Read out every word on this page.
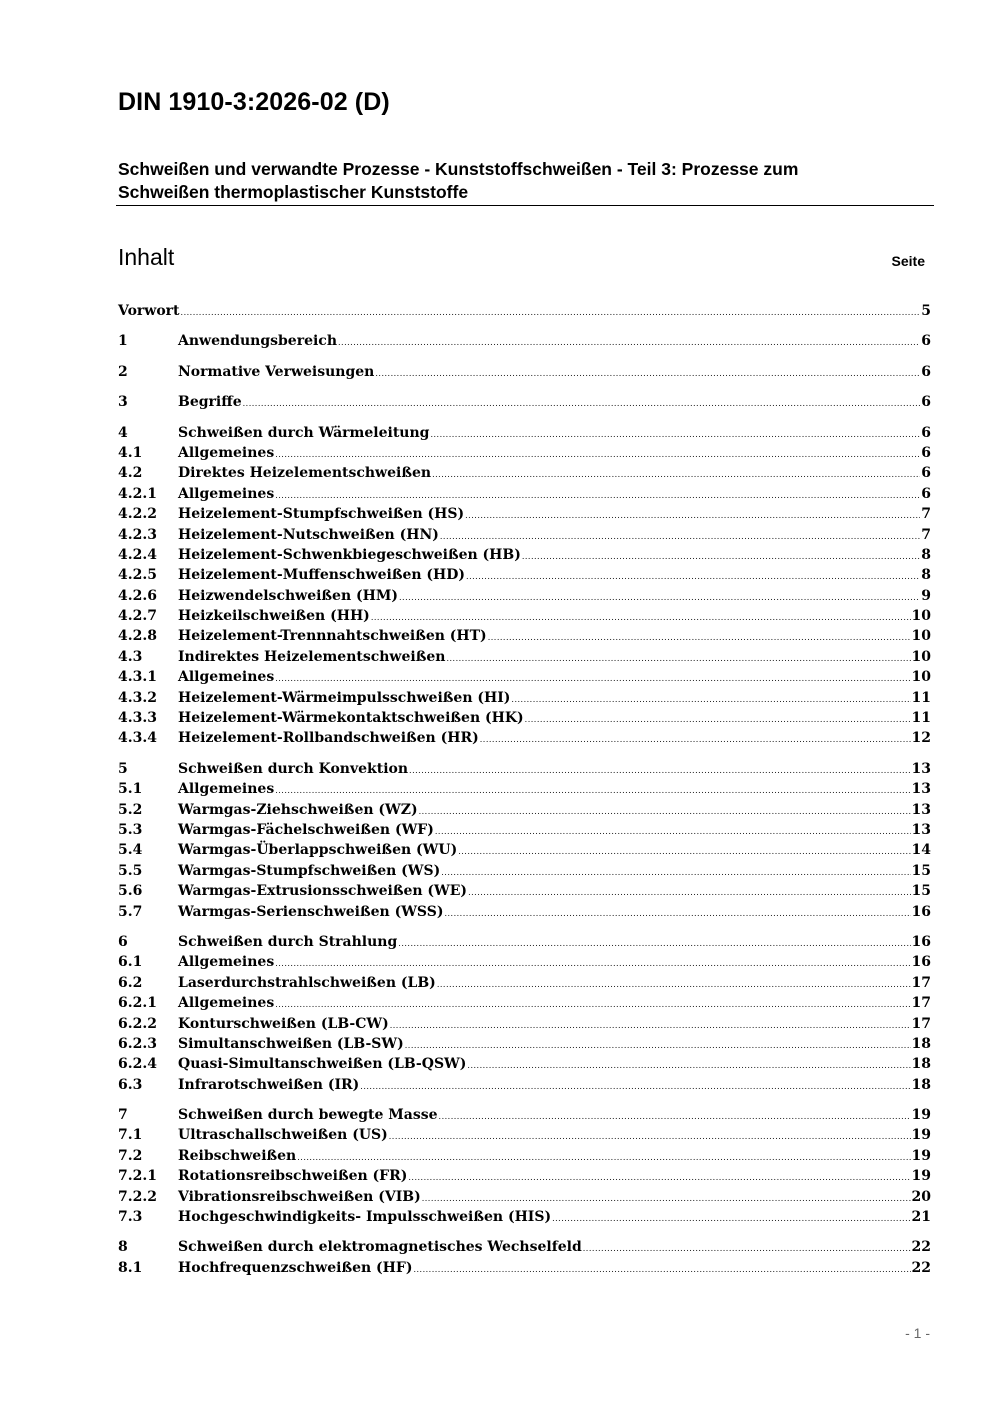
DIN 1910-3:2026-02 (D)
Schweißen und verwandte Prozesse - Kunststoffschweißen - Teil 3: Prozesse zum
Schweißen thermoplastischer Kunststoffe
Inhalt	Seite
Vorwort .....	5
1	Anwendungsbereich .....	6
2	Normative Verweisungen .....	6
3	Begriffe .....	6
4	Schweißen durch Wärmeleitung .....	6
4.1	Allgemeines .....	6
4.2	Direktes Heizelementschweißen .....	6
4.2.1	Allgemeines .....	6
4.2.2	Heizelement-Stumpfschweißen (HS) .....	7
4.2.3	Heizelement-Nutschweißen (HN) .....	7
4.2.4	Heizelement-Schwenkbiegeschweißen (HB) .....	8
4.2.5	Heizelement-Muffenschweißen (HD) .....	8
4.2.6	Heizwendelschweißen (HM) .....	9
4.2.7	Heizkeilschweißen (HH) .....	10
4.2.8	Heizelement-Trennnahtschweißen (HT) .....	10
4.3	Indirektes Heizelementschweißen .....	10
4.3.1	Allgemeines .....	10
4.3.2	Heizelement-Wärmeimpulsschweißen (HI) .....	11
4.3.3	Heizelement-Wärmekontaktschweißen (HK) .....	11
4.3.4	Heizelement-Rollbandschweißen (HR) .....	12
5	Schweißen durch Konvektion .....	13
5.1	Allgemeines .....	13
5.2	Warmgas-Ziehschweißen (WZ) .....	13
5.3	Warmgas-Fächelschweißen (WF) .....	13
5.4	Warmgas-Überlappschweißen (WU) .....	14
5.5	Warmgas-Stumpfschweißen (WS) .....	15
5.6	Warmgas-Extrusionsschweißen (WE) .....	15
5.7	Warmgas-Serienschweißen (WSS) .....	16
6	Schweißen durch Strahlung .....	16
6.1	Allgemeines .....	16
6.2	Laserdurchstrahlschweißen (LB) .....	17
6.2.1	Allgemeines .....	17
6.2.2	Konturschweißen (LB-CW) .....	17
6.2.3	Simultanschweißen (LB-SW) .....	18
6.2.4	Quasi-Simultanschweißen (LB-QSW) .....	18
6.3	Infrarotschweißen (IR) .....	18
7	Schweißen durch bewegte Masse .....	19
7.1	Ultraschallschweißen (US) .....	19
7.2	Reibschweißen .....	19
7.2.1	Rotationsreibschweißen (FR) .....	19
7.2.2	Vibrationsreibschweißen (VIB) .....	20
7.3	Hochgeschwindigkeits- Impulsschweißen (HIS) .....	21
8	Schweißen durch elektromagnetisches Wechselfeld .....	22
8.1	Hochfrequenzschweißen (HF) .....	22
- 1 -
